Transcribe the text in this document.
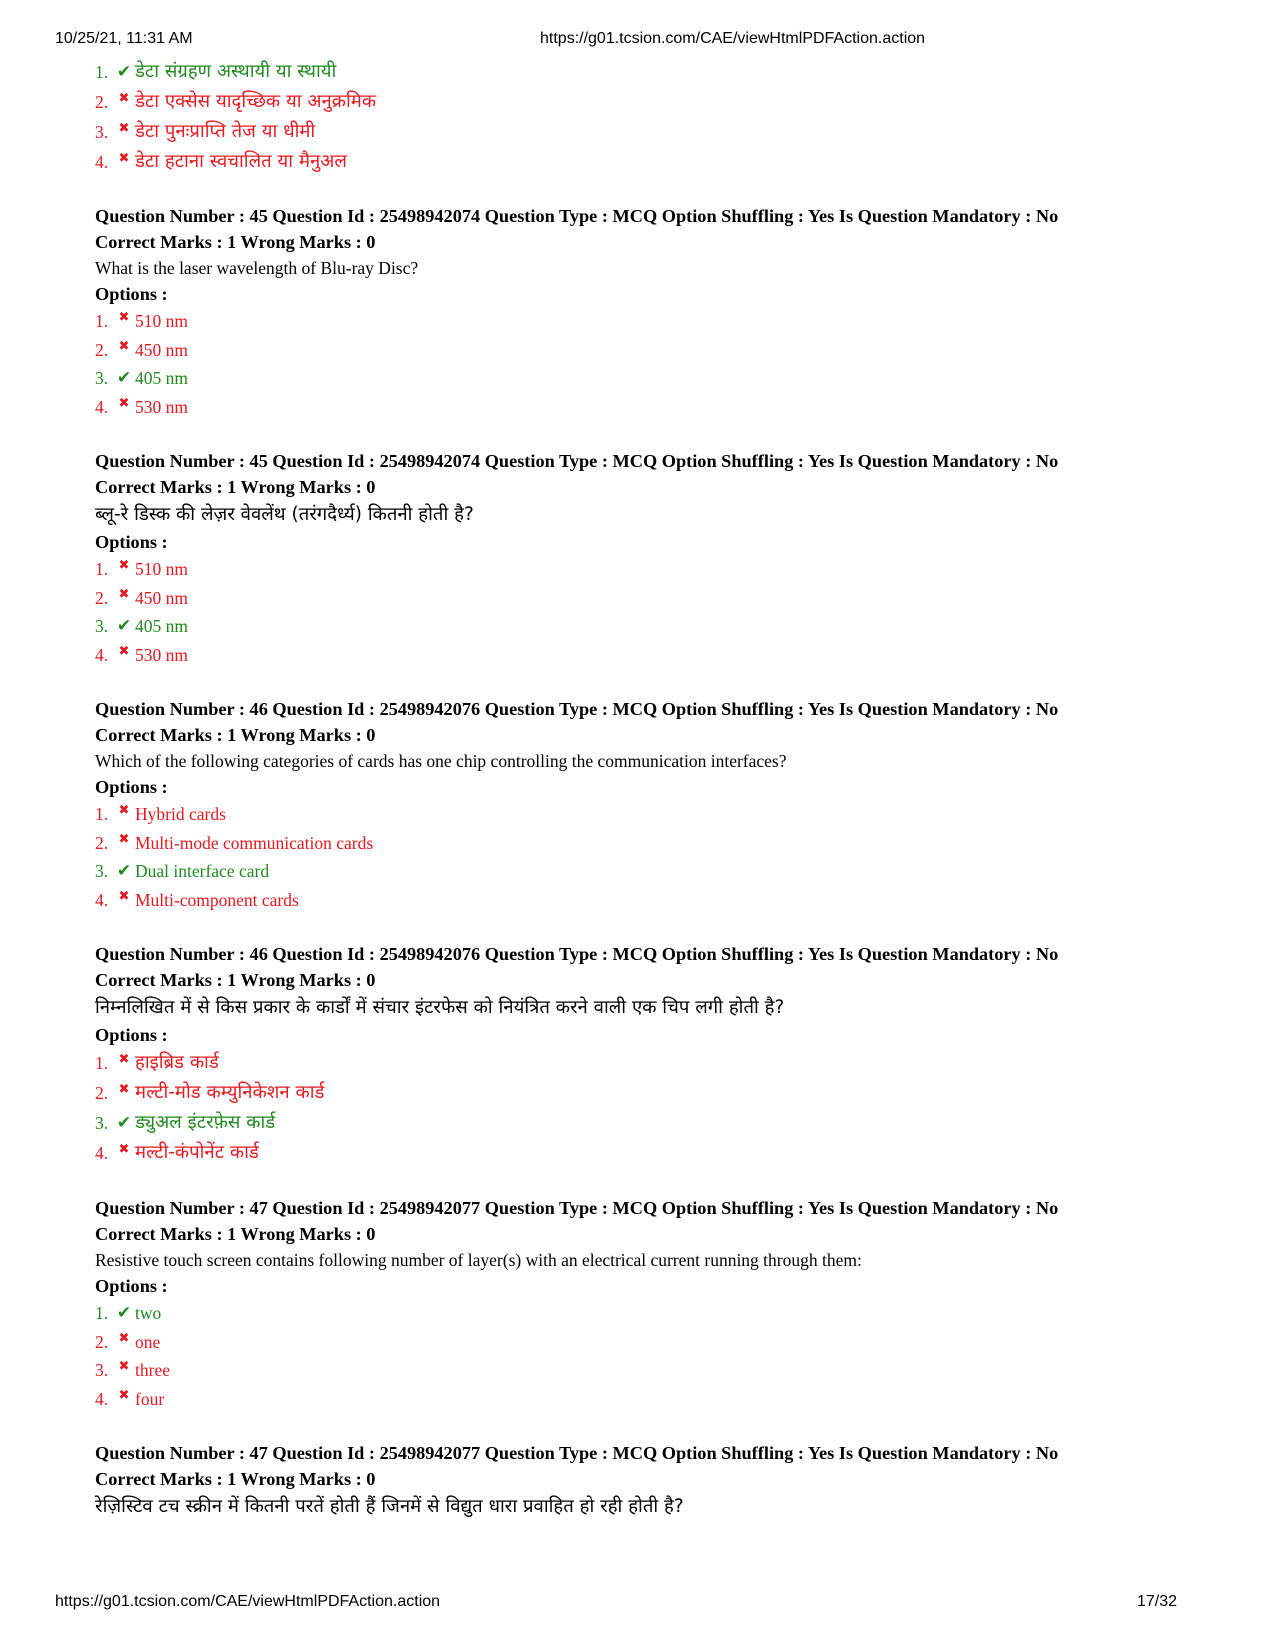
10/25/21, 11:31 AM	https://g01.tcsion.com/CAE/viewHtmlPDFAction.action
1. ✔ डेटा संग्रहण अस्थायी या स्थायी
2. ✖ डेटा एक्सेस यादृच्छिक या अनुक्रमिक
3. ✖ डेटा पुनःप्राप्ति तेज या धीमी
4. ✖ डेटा हटाना स्वचालित या मैनुअल
Question Number : 45 Question Id : 25498942074 Question Type : MCQ Option Shuffling : Yes Is Question Mandatory : No
Correct Marks : 1 Wrong Marks : 0
What is the laser wavelength of Blu-ray Disc?
Options :
1. ✖ 510 nm
2. ✖ 450 nm
3. ✔ 405 nm
4. ✖ 530 nm
Question Number : 45 Question Id : 25498942074 Question Type : MCQ Option Shuffling : Yes Is Question Mandatory : No
Correct Marks : 1 Wrong Marks : 0
ब्लू-रे डिस्क की लेज़र वेवलेंथ (तरंगदैर्ध्य) कितनी होती है?
Options :
1. ✖ 510 nm
2. ✖ 450 nm
3. ✔ 405 nm
4. ✖ 530 nm
Question Number : 46 Question Id : 25498942076 Question Type : MCQ Option Shuffling : Yes Is Question Mandatory : No
Correct Marks : 1 Wrong Marks : 0
Which of the following categories of cards has one chip controlling the communication interfaces?
Options :
1. ✖ Hybrid cards
2. ✖ Multi-mode communication cards
3. ✔ Dual interface card
4. ✖ Multi-component cards
Question Number : 46 Question Id : 25498942076 Question Type : MCQ Option Shuffling : Yes Is Question Mandatory : No
Correct Marks : 1 Wrong Marks : 0
निम्नलिखित में से किस प्रकार के कार्डों में संचार इंटरफेस को नियंत्रित करने वाली एक चिप लगी होती है?
Options :
1. ✖ हाइब्रिड कार्ड
2. ✖ मल्टी-मोड कम्युनिकेशन कार्ड
3. ✔ ड्युअल इंटरफ़ेस कार्ड
4. ✖ मल्टी-कंपोनेंट कार्ड
Question Number : 47 Question Id : 25498942077 Question Type : MCQ Option Shuffling : Yes Is Question Mandatory : No
Correct Marks : 1 Wrong Marks : 0
Resistive touch screen contains following number of layer(s) with an electrical current running through them:
Options :
1. ✔ two
2. ✖ one
3. ✖ three
4. ✖ four
Question Number : 47 Question Id : 25498942077 Question Type : MCQ Option Shuffling : Yes Is Question Mandatory : No
Correct Marks : 1 Wrong Marks : 0
रेज़िस्टिव टच स्क्रीन में कितनी परतें होती हैं जिनमें से विद्युत धारा प्रवाहित हो रही होती है?
https://g01.tcsion.com/CAE/viewHtmlPDFAction.action	17/32
